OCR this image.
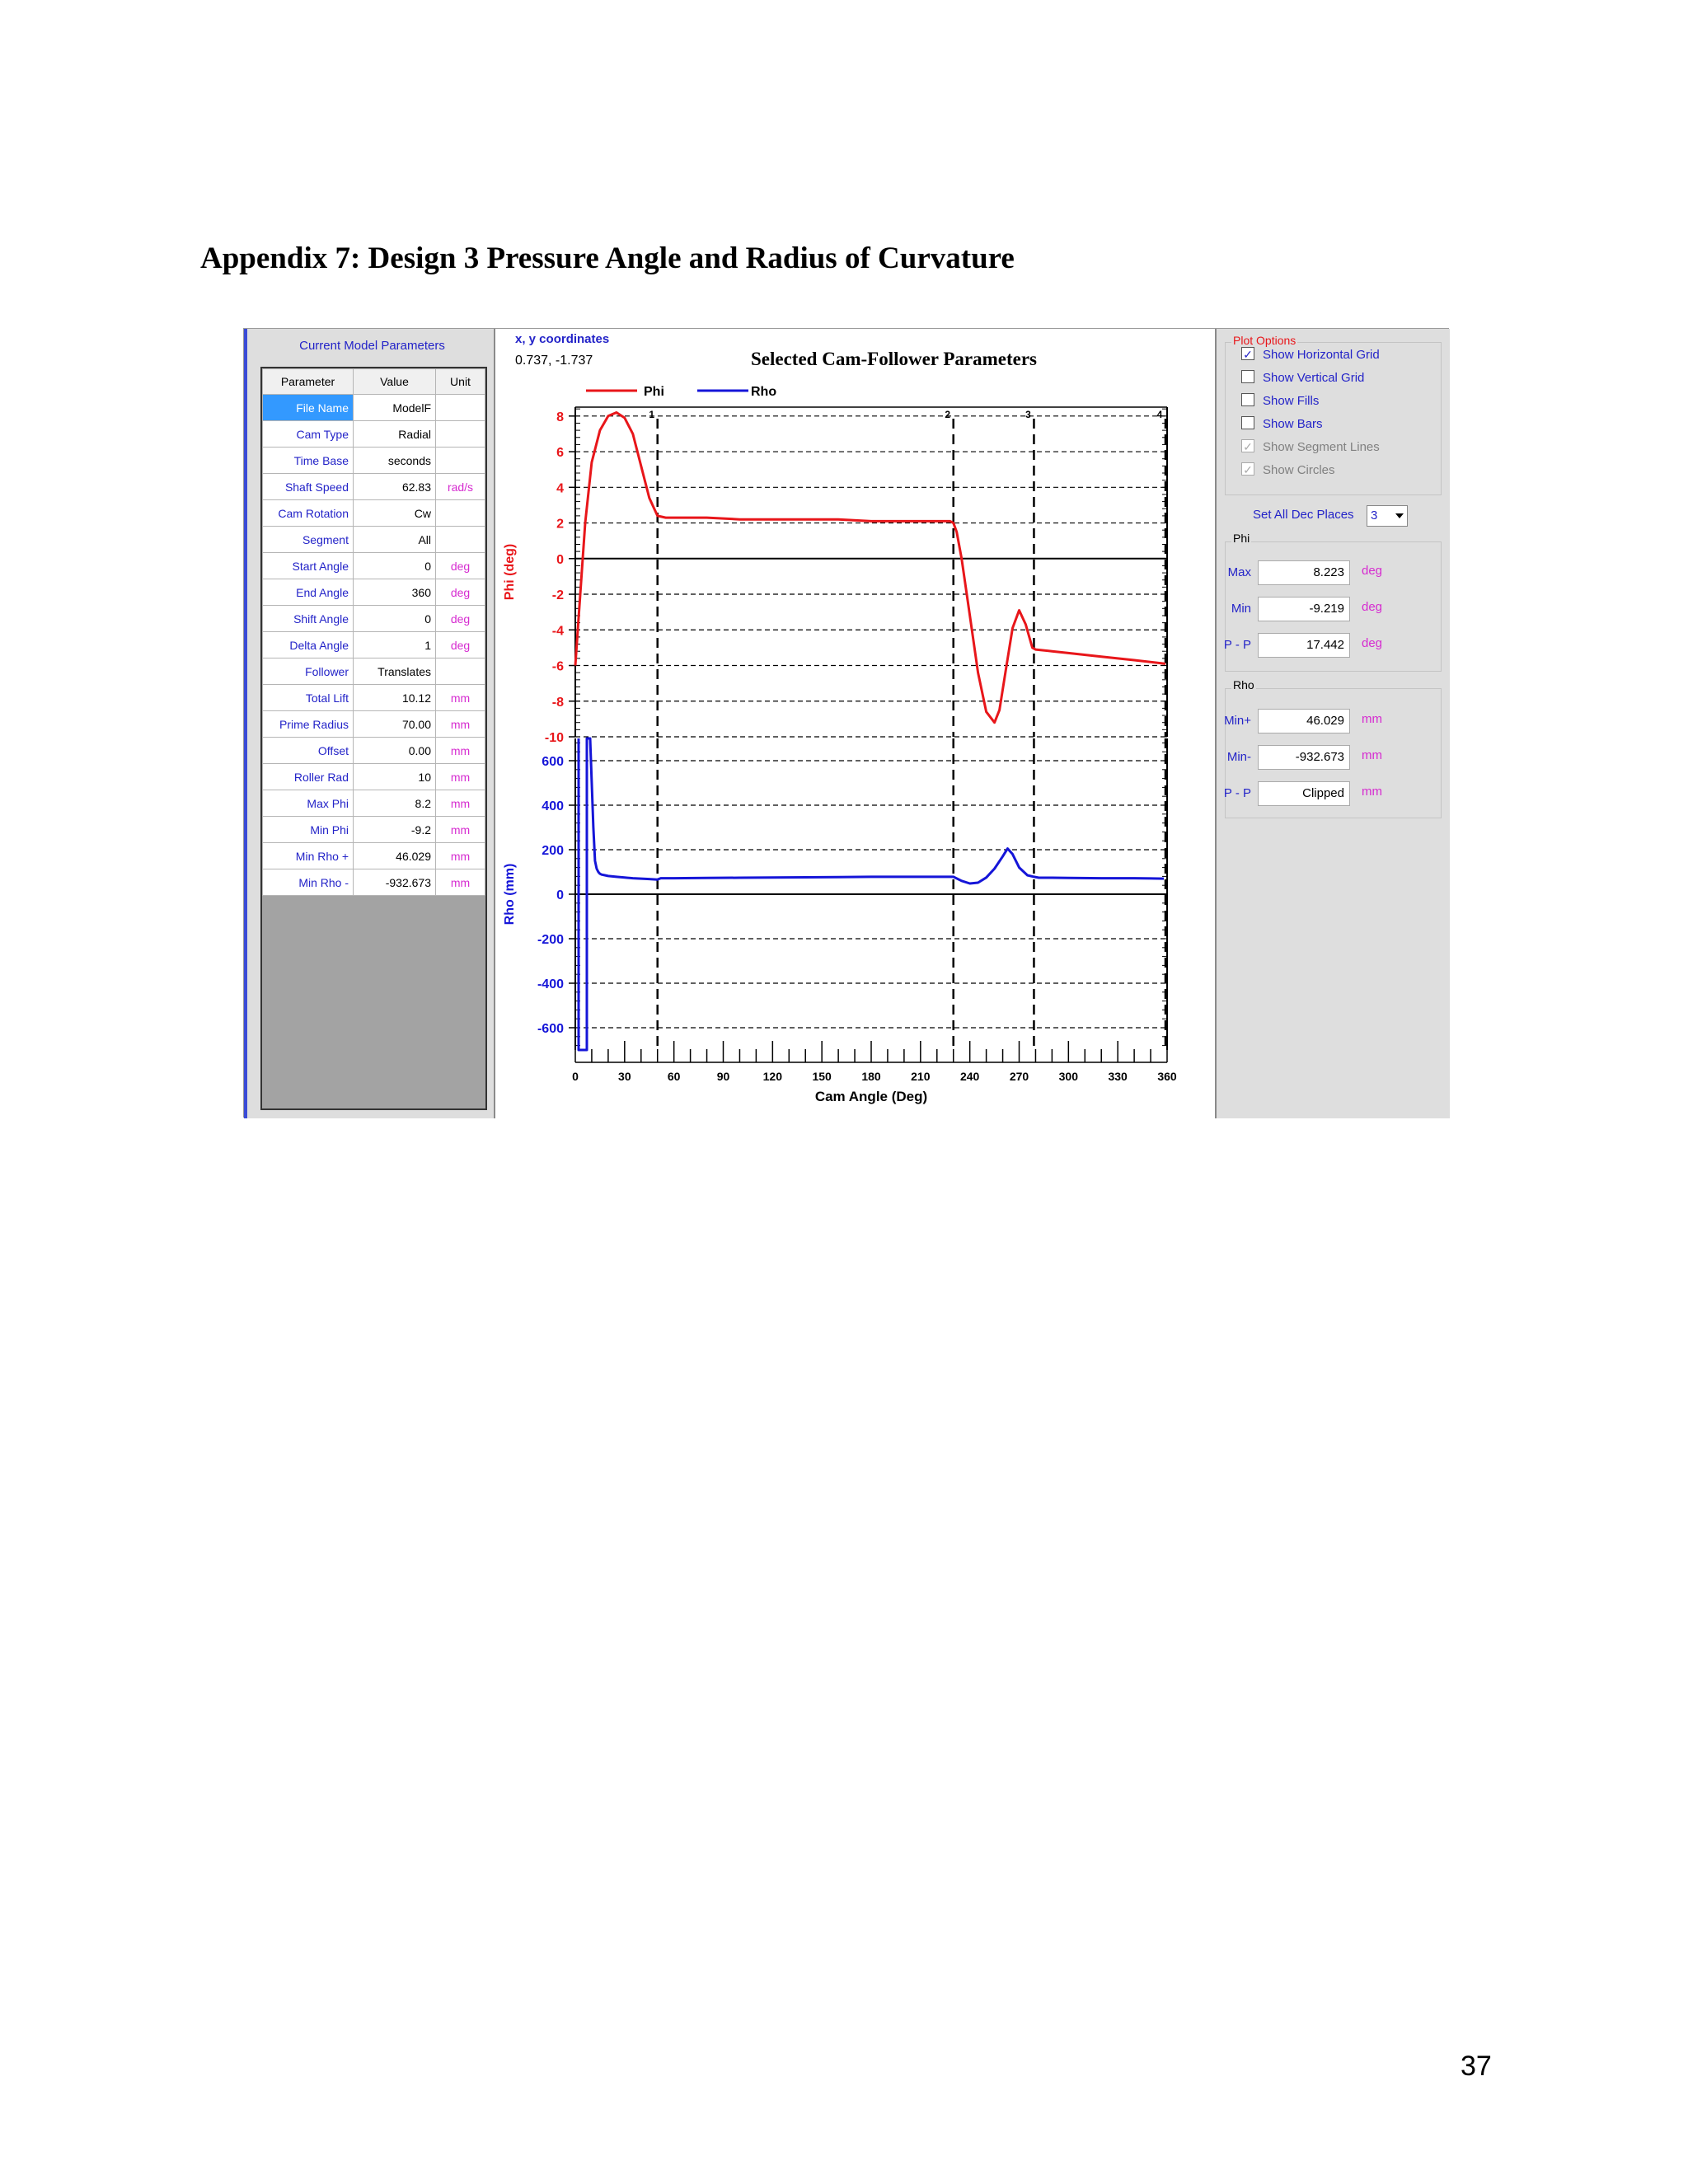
Appendix 7: Design 3 Pressure Angle and Radius of Curvature
Current Model Parameters
Parameter	Value	Unit
File Name	ModelF	
Cam Type	Radial	
Time Base	seconds	
Shaft Speed	62.83	rad/s
Cam Rotation	Cw	
Segment	All	
Start Angle	0	deg
End Angle	360	deg
Shift Angle	0	deg
Delta Angle	1	deg
Follower	Translates	
Total Lift	10.12	mm
Prime Radius	70.00	mm
Offset	0.00	mm
Roller Rad	10	mm
Max Phi	8.2	mm
Min Phi	-9.2	mm
Min Rho +	46.029	mm
Min Rho -	-932.673	mm
x, y coordinates
0.737, -1.737	Selected Cam-Follower Parameters
Phi	Rho
8
6
4
2
0
-2
-4
-6
-8
-10
Phi (deg)
600
400
200
0
-200
-400
-600
Rho (mm)
1	2	3	4
0	30	60	90	120	150	180	210	240	270	300	330	360
Cam Angle (Deg)
Plot Options
✓ Show Horizontal Grid
Show Vertical Grid
Show Fills
Show Bars
✓ Show Segment Lines
✓ Show Circles
Set All Dec Places	3
Phi
Max	8.223	deg
Min	-9.219	deg
P - P	17.442	deg
Rho
Min+	46.029	mm
Min-	-932.673	mm
P - P	Clipped	mm
37
